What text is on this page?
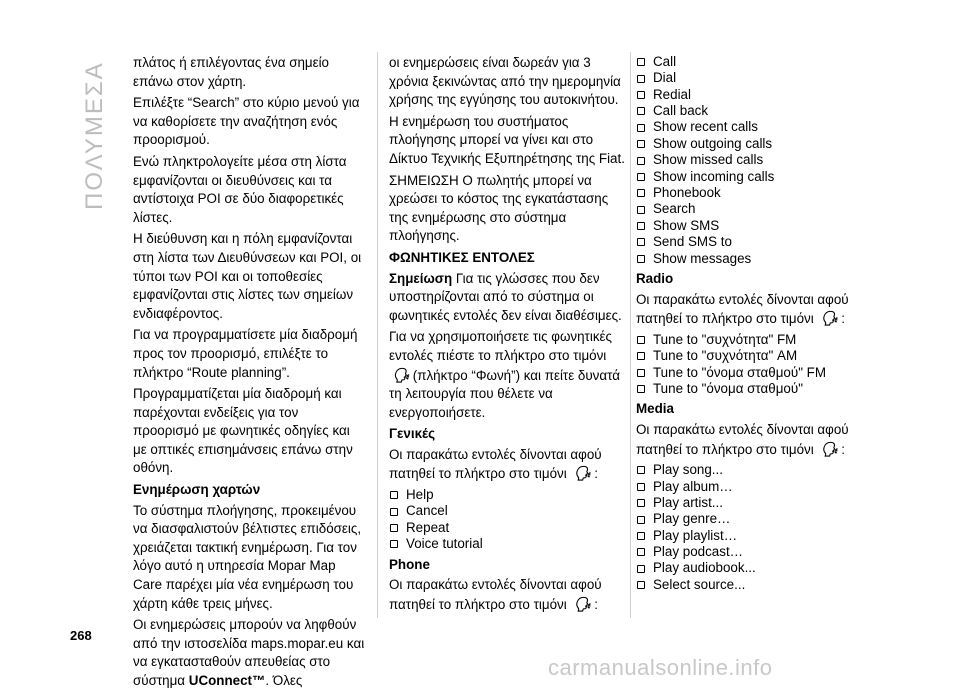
ΠΟΛΥΜΕΣΑ	πλάτος ή επιλέγοντας ένα σημείο επάνω στον χάρτη.

Επιλέξτε “Search” στο κύριο μενού για να καθορίσετε την αναζήτηση ενός προορισμού.

Ενώ πληκτρολογείτε μέσα στη λίστα εμφανίζονται οι διευθύνσεις και τα αντίστοιχα POI σε δύο διαφορετικές λίστες.

Η διεύθυνση και η πόλη εμφανίζονται στη λίστα των Διευθύνσεων και POI, οι τύποι των POI και οι τοποθεσίες εμφανίζονται στις λίστες των σημείων ενδιαφέροντος.

Για να προγραμματίσετε μία διαδρομή προς τον προορισμό, επιλέξτε το πλήκτρο “Route planning”.

Προγραμματίζεται μία διαδρομή και παρέχονται ενδείξεις για τον προορισμό με φωνητικές οδηγίες και με οπτικές επισημάνσεις επάνω στην οθόνη.

Ενημέρωση χαρτών

Το σύστημα πλοήγησης, προκειμένου να διασφαλιστούν βέλτιστες επιδόσεις, χρειάζεται τακτική ενημέρωση. Για τον λόγο αυτό η υπηρεσία Mopar Map Care παρέχει μία νέα ενημέρωση του χάρτη κάθε τρεις μήνες.

Οι ενημερώσεις μπορούν να ληφθούν από την ιστοσελίδα maps.mopar.eu και να εγκατασταθούν απευθείας στο σύστημα UConnect™. Όλες

οι ενημερώσεις είναι δωρεάν για 3 χρόνια ξεκινώντας από την ημερομηνία χρήσης της εγγύησης του αυτοκινήτου.

Η ενημέρωση του συστήματος πλοήγησης μπορεί να γίνει και στο Δίκτυο Τεχνικής Εξυπηρέτησης της Fiat.

ΣΗΜΕΙΩΣΗ Ο πωλητής μπορεί να χρεώσει το κόστος της εγκατάστασης της ενημέρωσης στο σύστημα πλοήγησης.

ΦΩΝΗΤΙΚΕΣ ΕΝΤΟΛΕΣ

Σημείωση Για τις γλώσσες που δεν υποστηρίζονται από το σύστημα οι φωνητικές εντολές δεν είναι διαθέσιμες.

Για να χρησιμοποιήσετε τις φωνητικές εντολές πιέστε το πλήκτρο στο τιμόνι
🗣 (πλήκτρο “Φωνή”) και πείτε δυνατά τη λειτουργία που θέλετε να ενεργοποιήσετε.

Γενικές

Οι παρακάτω εντολές δίνονται αφού πατηθεί το πλήκτρο στο τιμόνι 🗣 :

Help
Cancel
Repeat
Voice tutorial
Phone

Οι παρακάτω εντολές δίνονται αφού πατηθεί το πλήκτρο στο τιμόνι 🗣 :

Call
Dial
Redial
Call back
Show recent calls
Show outgoing calls
Show missed calls
Show incoming calls
Phonebook
Search
Show SMS
Send SMS to
Show messages
Radio

Οι παρακάτω εντολές δίνονται αφού πατηθεί το πλήκτρο στο τιμόνι 🗣 :

Tune to "συχνότητα" FM
Tune to "συχνότητα" AM
Tune to "όνομα σταθμού" FM
Tune to "όνομα σταθμού"
Media

Οι παρακάτω εντολές δίνονται αφού πατηθεί το πλήκτρο στο τιμόνι 🗣 :

Play song...
Play album…
Play artist...
Play genre…
Play playlist…
Play podcast…
Play audiobook...
Select source...
268
carmanualsonline.info
